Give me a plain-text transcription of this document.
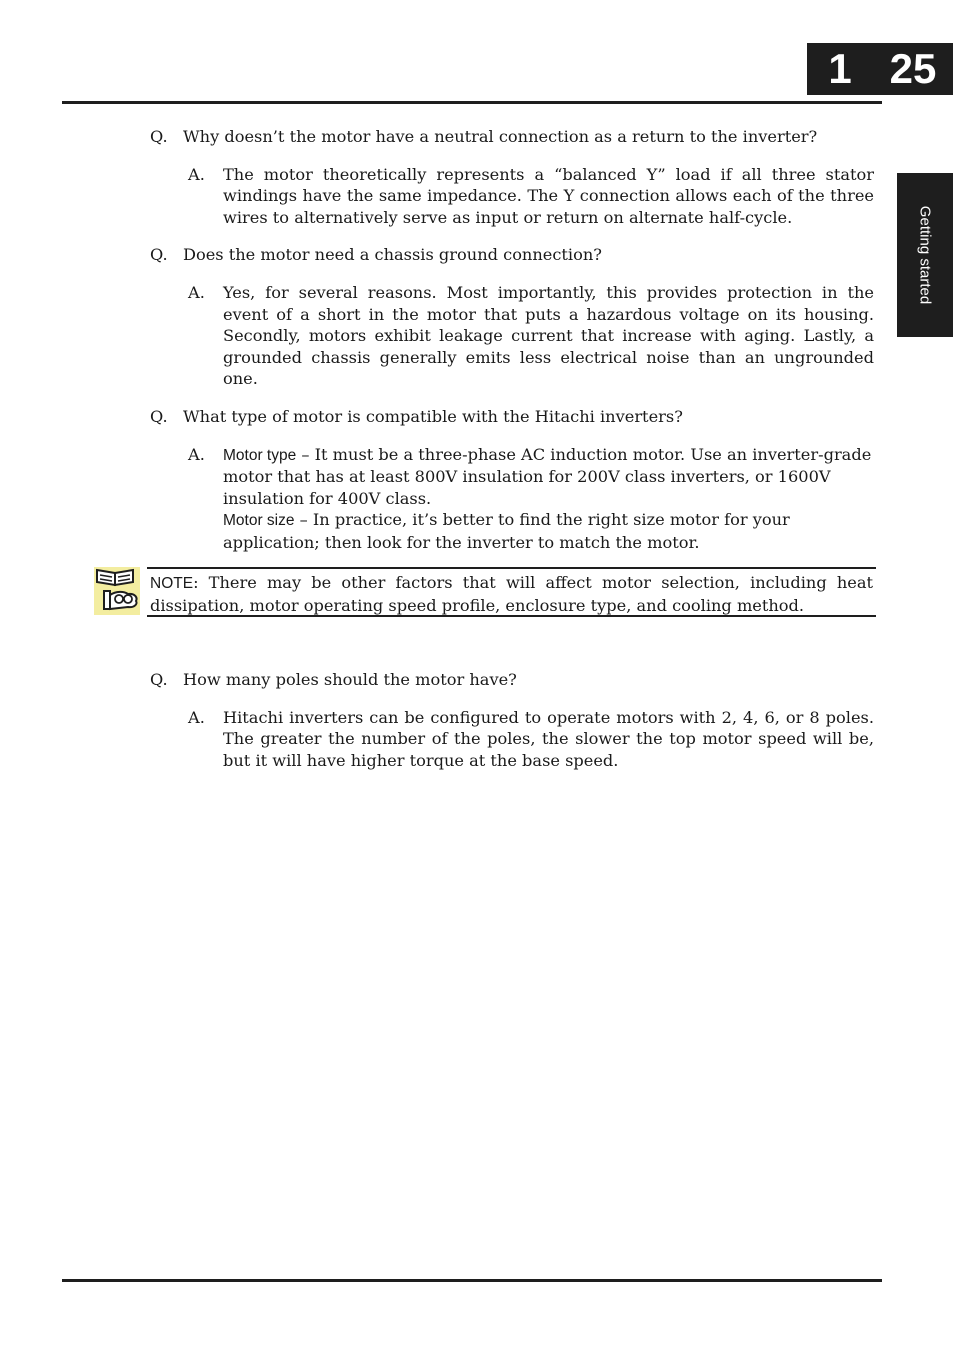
1 25
Getting started
Q. Why doesn’t the motor have a neutral connection as a return to the inverter?
A.	The motor theoretically represents a “balanced Y” load if all three stator windings have the same impedance. The Y connection allows each of the three wires to alternatively serve as input or return on alternate half-cycle.
Q. Does the motor need a chassis ground connection?
A.	Yes, for several reasons. Most importantly, this provides protection in the event of a short in the motor that puts a hazardous voltage on its housing. Secondly, motors exhibit leakage current that increase with aging. Lastly, a grounded chassis generally emits less electrical noise than an ungrounded one.
Q. What type of motor is compatible with the Hitachi inverters?
A.	Motor type – It must be a three-phase AC induction motor. Use an inverter-grade motor that has at least 800V insulation for 200V class inverters, or 1600V insulation for 400V class.
Motor size – In practice, it’s better to find the right size motor for your application; then look for the inverter to match the motor.
NOTE: There may be other factors that will affect motor selection, including heat dissipation, motor operating speed profile, enclosure type, and cooling method.
Q. How many poles should the motor have?
A.	Hitachi inverters can be configured to operate motors with 2, 4, 6, or 8 poles. The greater the number of the poles, the slower the top motor speed will be, but it will have higher torque at the base speed.
